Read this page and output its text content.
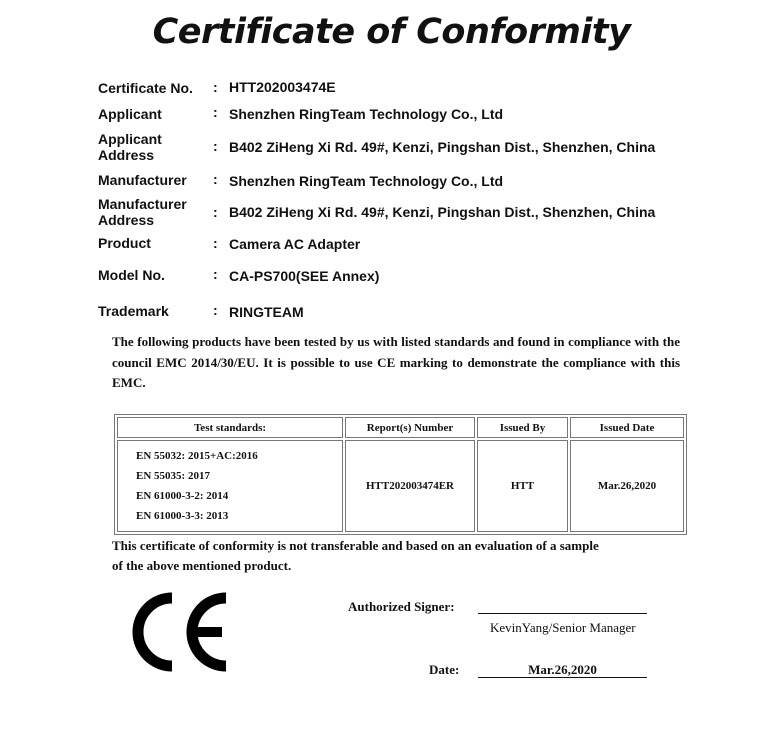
Certificate of Conformity
Certificate No. : HTT202003474E
Applicant	: Shenzhen RingTeam Technology Co., Ltd
Applicant Address
: B402 ZiHeng Xi Rd. 49#, Kenzi, Pingshan Dist., Shenzhen, China
Manufacturer : Shenzhen RingTeam Technology Co., Ltd
Manufacturer Address	: B402 ZiHeng Xi Rd. 49#, Kenzi, Pingshan Dist., Shenzhen, China
Product	: Camera AC Adapter
Model No.	: CA-PS700(SEE Annex)
Trademark	: RINGTEAM
The following products have been tested by us with listed standards and found in compliance with the council EMC 2014/30/EU. It is possible to use CE marking to demonstrate the compliance with this EMC.
Test standards:	Report(s) Number	Issued By	Issued Date

EN 55032: 2015+AC:2016
EN 55035: 2017
EN 61000-3-2: 2014
EN 61000-3-3: 2013	HTT202003474ER	HTT	Mar.26,2020
This certificate of conformity is not transferable and based on an evaluation of a sample
of the above mentioned product.
Authorized Signer:
KevinYang/Senior Manager
Date:	Mar.26,2020
